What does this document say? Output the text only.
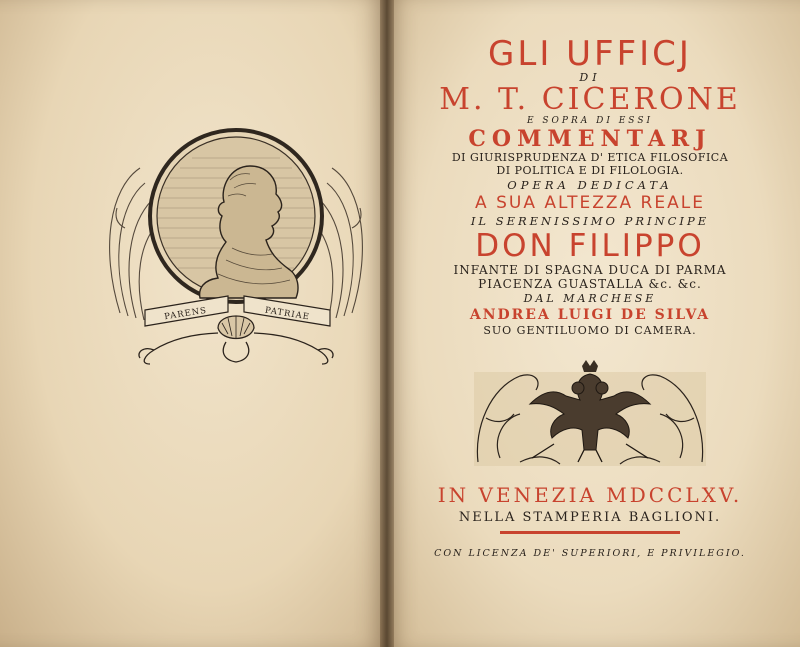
PARENS	PATRIAE
GLI UFFICJ
DI
M. T. CICERONE
E SOPRA DI ESSI
COMMENTARJ
DI GIURISPRUDENZA D' ETICA FILOSOFICA
DI POLITICA E DI FILOLOGIA.
OPERA DEDICATA
A SUA ALTEZZA REALE
IL SERENISSIMO PRINCIPE
DON FILIPPO
INFANTE DI SPAGNA DUCA DI PARMA
PIACENZA GUASTALLA &c. &c.
DAL MARCHESE
ANDREA LUIGI DE SILVA
SUO GENTILUOMO DI CAMERA.
IN VENEZIA MDCCLXV.
NELLA STAMPERIA BAGLIONI.
CON LICENZA DE' SUPERIORI, E PRIVILEGIO.
